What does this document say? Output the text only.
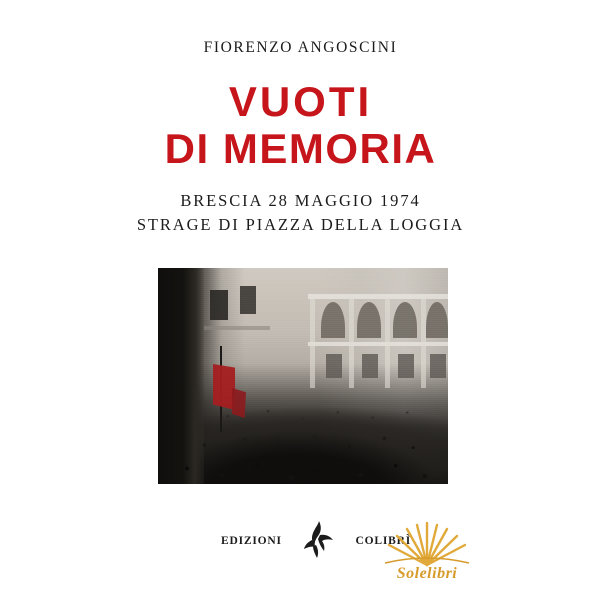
FIORENZO ANGOSCINI
VUOTI
DI MEMORIA
BRESCIA 28 MAGGIO 1974
STRAGE DI PIAZZA DELLA LOGGIA
EDIZIONI	COLIBRÌ
Solelibri
